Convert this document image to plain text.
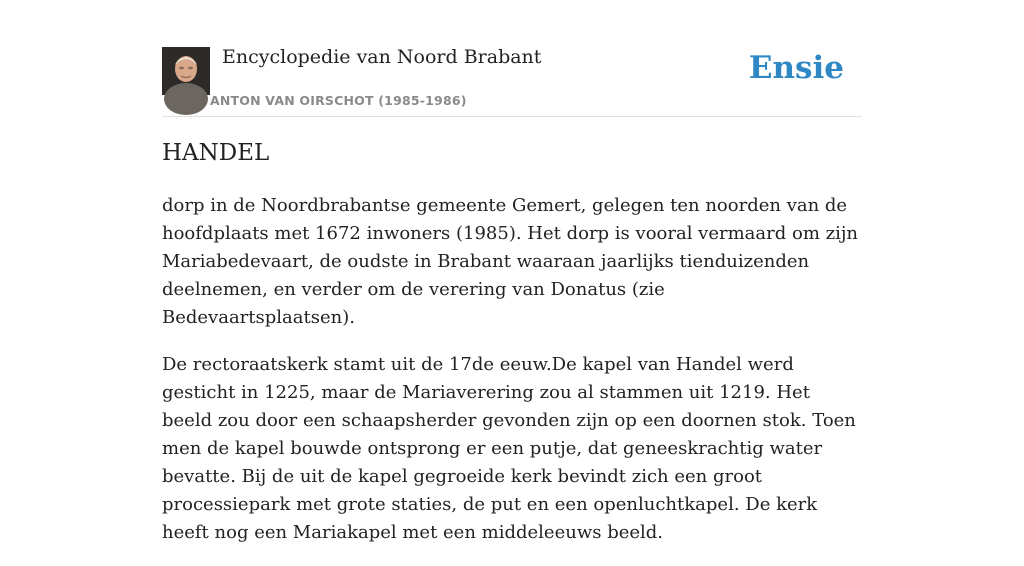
Encyclopedie van Noord Brabant
ANTON VAN OIRSCHOT (1985-1986)
Ensie
HANDEL

dorp in de Noordbrabantse gemeente Gemert, gelegen ten noorden van de hoofdplaats met 1672 inwoners (1985). Het dorp is vooral vermaard om zijn Mariabedevaart, de oudste in Brabant waaraan jaarlijks tienduizenden deelnemen, en verder om de verering van Donatus (zie Bedevaartsplaatsen).

De rectoraatskerk stamt uit de 17de eeuw.De kapel van Handel werd gesticht in 1225, maar de Mariaverering zou al stammen uit 1219. Het beeld zou door een schaapsherder gevonden zijn op een doornen stok. Toen men de kapel bouwde ontsprong er een putje, dat geneeskrachtig water bevatte. Bij de uit de kapel gegroeide kerk bevindt zich een groot processiepark met grote staties, de put en een openluchtkapel. De kerk heeft nog een Mariakapel met een middeleeuws beeld.
